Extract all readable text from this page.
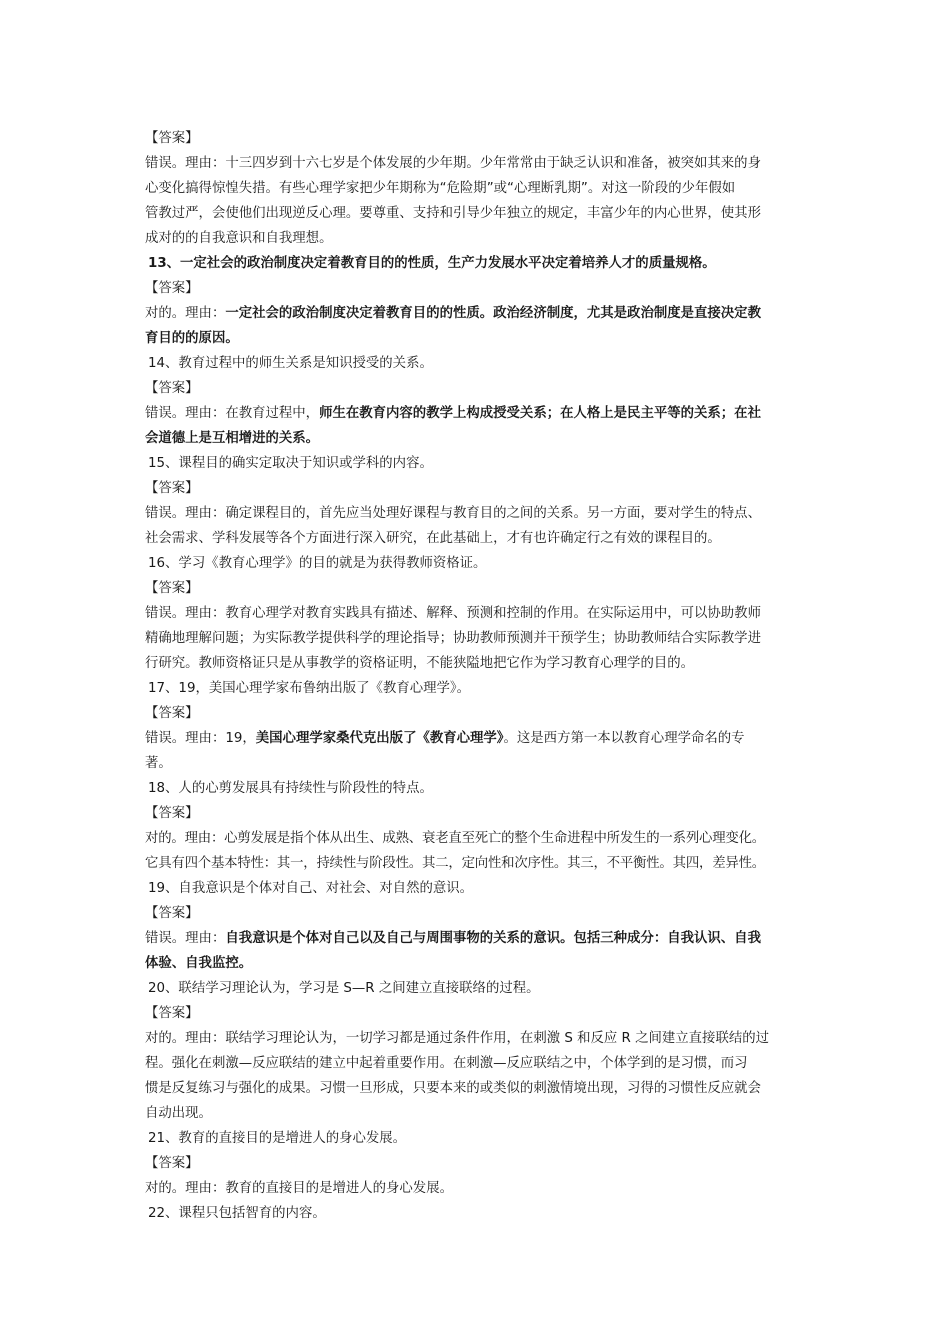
【答案】
错误。理由：十三四岁到十六七岁是个体发展的少年期。少年常常由于缺乏认识和准备，被突如其来的身
心变化搞得惊惶失措。有些心理学家把少年期称为“危险期”或“心理断乳期”。对这一阶段的少年假如
管教过严，会使他们出现逆反心理。要尊重、支持和引导少年独立的规定，丰富少年的内心世界，使其形
成对的的自我意识和自我理想。
13、一定社会的政治制度决定着教育目的的性质，生产力发展水平决定着培养人才的质量规格。
【答案】
对的。理由：一定社会的政治制度决定着教育目的的性质。政治经济制度，尤其是政治制度是直接决定教
育目的的原因。
14、教育过程中的师生关系是知识授受的关系。
【答案】
错误。理由：在教育过程中，师生在教育内容的教学上构成授受关系；在人格上是民主平等的关系；在社
会道德上是互相增进的关系。
15、课程目的确实定取决于知识或学科的内容。
【答案】
错误。理由：确定课程目的，首先应当处理好课程与教育目的之间的关系。另一方面，要对学生的特点、
社会需求、学科发展等各个方面进行深入研究，在此基础上，才有也许确定行之有效的课程目的。
16、学习《教育心理学》的目的就是为获得教师资格证。
【答案】
错误。理由：教育心理学对教育实践具有描述、解释、预测和控制的作用。在实际运用中，可以协助教师
精确地理解问题；为实际教学提供科学的理论指导；协助教师预测并干预学生；协助教师结合实际教学进
行研究。教师资格证只是从事教学的资格证明，不能狭隘地把它作为学习教育心理学的目的。
17、19，美国心理学家布鲁纳出版了《教育心理学》。
【答案】
错误。理由：19，美国心理学家桑代克出版了《教育心理学》。这是西方第一本以教育心理学命名的专
著。
18、人的心剪发展具有持续性与阶段性的特点。
【答案】
对的。理由：心剪发展是指个体从出生、成熟、衰老直至死亡的整个生命进程中所发生的一系列心理变化。
它具有四个基本特性：其一，持续性与阶段性。其二，定向性和次序性。其三，不平衡性。其四，差异性。
19、自我意识是个体对自己、对社会、对自然的意识。
【答案】
错误。理由：自我意识是个体对自己以及自己与周围事物的关系的意识。包括三种成分：自我认识、自我
体验、自我监控。
20、联结学习理论认为，学习是 S—R 之间建立直接联络的过程。
【答案】
对的。理由：联结学习理论认为，一切学习都是通过条件作用，在刺激 S 和反应 R 之间建立直接联结的过
程。强化在刺激—反应联结的建立中起着重要作用。在刺激—反应联结之中，个体学到的是习惯，而习
惯是反复练习与强化的成果。习惯一旦形成，只要本来的或类似的刺激情境出现，习得的习惯性反应就会
自动出现。
21、教育的直接目的是增进人的身心发展。
【答案】
对的。理由：教育的直接目的是增进人的身心发展。
22、课程只包括智育的内容。
